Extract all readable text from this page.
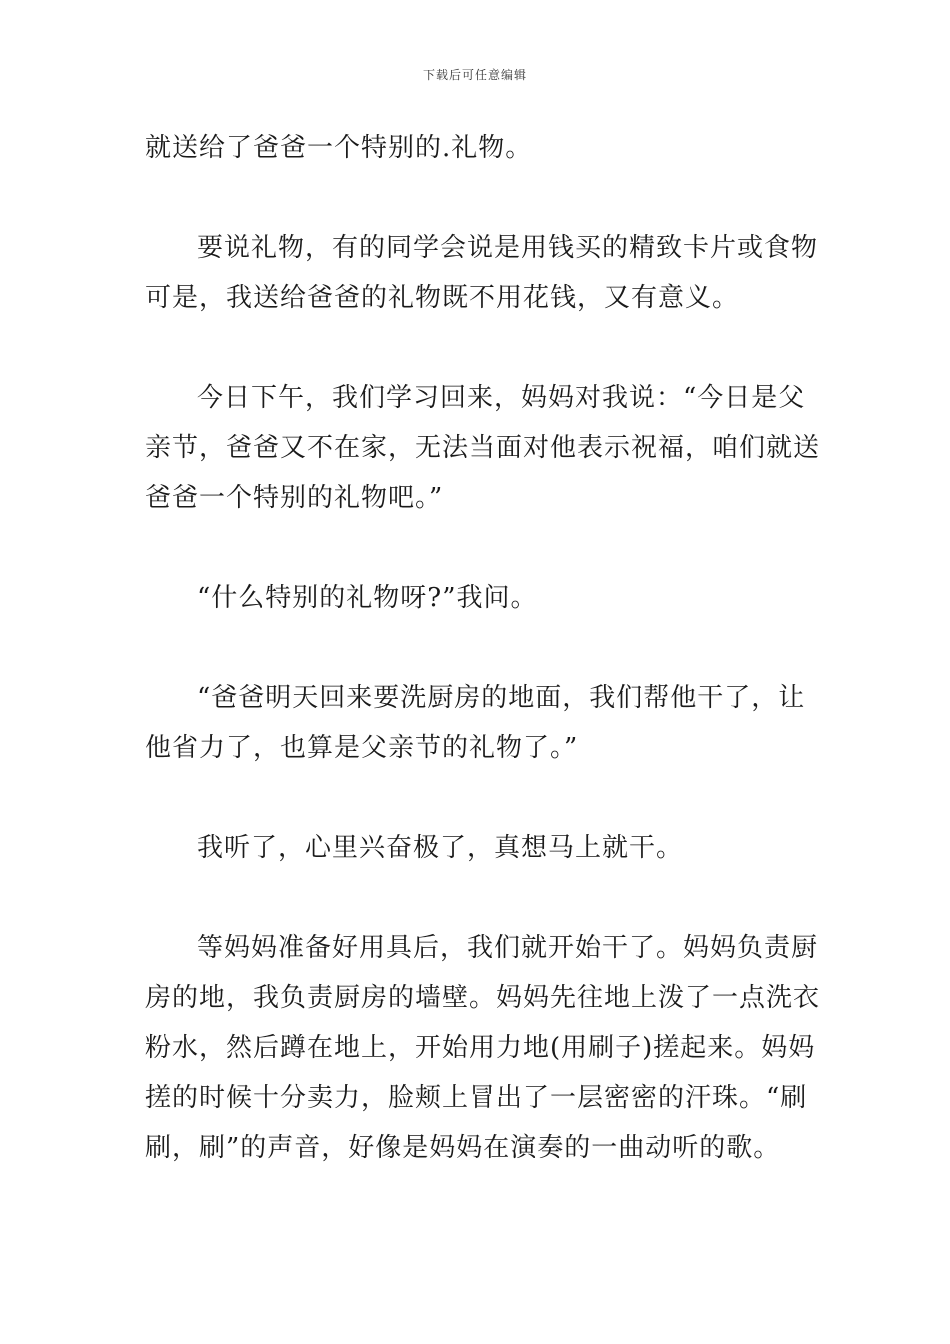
下载后可任意编辑
就送给了爸爸一个特别的.礼物。
要说礼物，有的同学会说是用钱买的精致卡片或食物
可是，我送给爸爸的礼物既不用花钱，又有意义。
今日下午，我们学习回来，妈妈对我说：“今日是父
亲节，爸爸又不在家，无法当面对他表示祝福，咱们就送
爸爸一个特别的礼物吧。”
“什么特别的礼物呀?”我问。
“爸爸明天回来要洗厨房的地面，我们帮他干了，让
他省力了，也算是父亲节的礼物了。”
我听了，心里兴奋极了，真想马上就干。
等妈妈准备好用具后，我们就开始干了。妈妈负责厨
房的地，我负责厨房的墙壁。妈妈先往地上泼了一点洗衣
粉水，然后蹲在地上，开始用力地(用刷子)搓起来。妈妈
搓的时候十分卖力，脸颊上冒出了一层密密的汗珠。“刷
刷，刷”的声音，好像是妈妈在演奏的一曲动听的歌。
